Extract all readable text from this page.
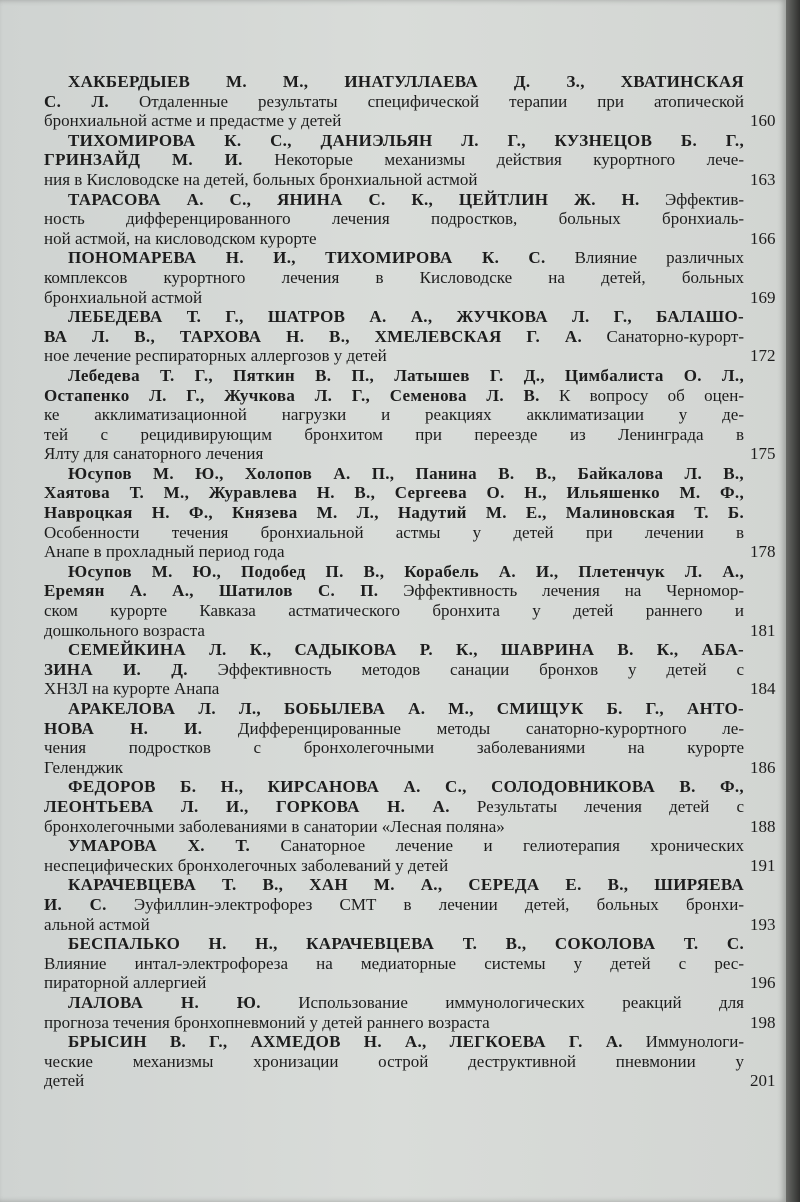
ХАКБЕРДЫЕВ М. М., ИНАТУЛЛАЕВА Д. З., ХВАТИНСКАЯ
С. Л. Отдаленные результаты специфической терапии при атопической
бронхиальной астме и предастме у детей	160
ТИХОМИРОВА К. С., ДАНИЭЛЬЯН Л. Г., КУЗНЕЦОВ Б. Г.,
ГРИНЗАЙД М. И. Некоторые механизмы действия курортного лече-
ния в Кисловодске на детей, больных бронхиальной астмой	163
ТАРАСОВА А. С., ЯНИНА С. К., ЦЕЙТЛИН Ж. Н. Эффектив-
ность дифференцированного лечения подростков, больных бронхиаль-
ной астмой, на кисловодском курорте	166
ПОНОМАРЕВА Н. И., ТИХОМИРОВА К. С. Влияние различных
комплексов курортного лечения в Кисловодске на детей, больных
бронхиальной астмой	169
ЛЕБЕДЕВА Т. Г., ШАТРОВ А. А., ЖУЧКОВА Л. Г., БАЛАШО-
ВА Л. В., ТАРХОВА Н. В., ХМЕЛЕВСКАЯ Г. А. Санаторно-курорт-
ное лечение респираторных аллергозов у детей	172
Лебедева Т. Г., Пяткин В. П., Латышев Г. Д., Цимбалиста О. Л.,
Остапенко Л. Г., Жучкова Л. Г., Семенова Л. В. К вопросу об оцен-
ке акклиматизационной нагрузки и реакциях акклиматизации у де-
тей с рецидивирующим бронхитом при переезде из Ленинграда в
Ялту для санаторного лечения	175
Юсупов М. Ю., Холопов А. П., Панина В. В., Байкалова Л. В.,
Хаятова Т. М., Журавлева Н. В., Сергеева О. Н., Ильяшенко М. Ф.,
Навроцкая Н. Ф., Князева М. Л., Надутий М. Е., Малиновская Т. Б.
Особенности течения бронхиальной астмы у детей при лечении в
Анапе в прохладный период года	178
Юсупов М. Ю., Подобед П. В., Корабель А. И., Плетенчук Л. А.,
Еремян А. А., Шатилов С. П. Эффективность лечения на Черномор-
ском курорте Кавказа астматического бронхита у детей раннего и
дошкольного возраста	181
СЕМЕЙКИНА Л. К., САДЫКОВА Р. К., ШАВРИНА В. К., АБА-
ЗИНА И. Д. Эффективность методов санации бронхов у детей с
ХНЗЛ на курорте Анапа	184
АРАКЕЛОВА Л. Л., БОБЫЛЕВА А. М., СМИЩУК Б. Г., АНТО-
НОВА Н. И. Дифференцированные методы санаторно-курортного ле-
чения подростков с бронхолегочными заболеваниями на курорте
Геленджик	186
ФЕДОРОВ Б. Н., КИРСАНОВА А. С., СОЛОДОВНИКОВА В. Ф.,
ЛЕОНТЬЕВА Л. И., ГОРКОВА Н. А. Результаты лечения детей с
бронхолегочными заболеваниями в санатории «Лесная поляна»	188
УМАРОВА Х. Т. Санаторное лечение и гелиотерапия хронических
неспецифических бронхолегочных заболеваний у детей	191
КАРАЧЕВЦЕВА Т. В., ХАН М. А., СЕРЕДА Е. В., ШИРЯЕВА
И. С. Эуфиллин-электрофорез СМТ в лечении детей, больных бронхи-
альной астмой	193
БЕСПАЛЬКО Н. Н., КАРАЧЕВЦЕВА Т. В., СОКОЛОВА Т. С.
Влияние интал-электрофореза на медиаторные системы у детей с рес-
пираторной аллергией	196
ЛАЛОВА Н. Ю. Использование иммунологических реакций для
прогноза течения бронхопневмоний у детей раннего возраста	198
БРЫСИН В. Г., АХМЕДОВ Н. А., ЛЕГКОЕВА Г. А. Иммунологи-
ческие механизмы хронизации острой деструктивной пневмонии у
детей	201
